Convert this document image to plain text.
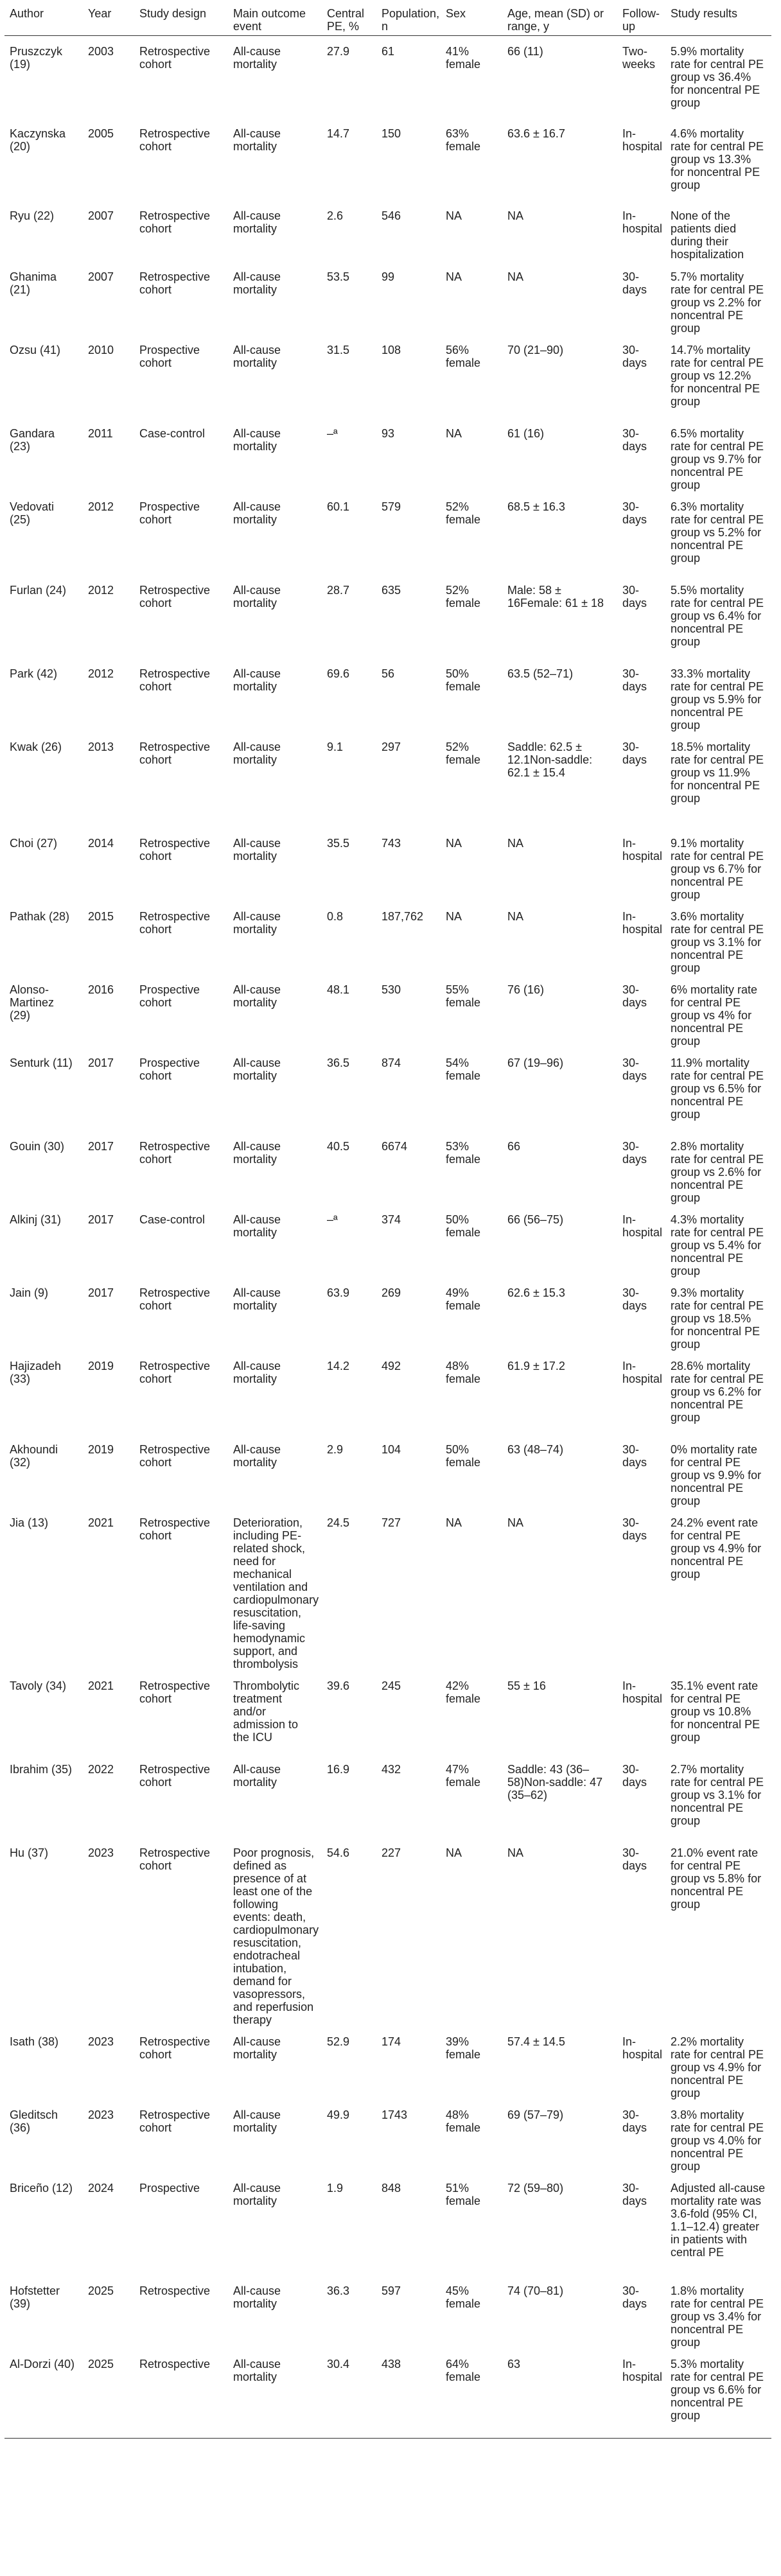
Author	Year	Study design	Main outcome event	Central PE, %	Population, n	Sex	Age, mean (SD) or range, y	Follow-up	Study results
Pruszczyk (19)	2003	Retrospective cohort	All-cause mortality	27.9	61	41% female	66 (11)	Two-weeks	5.9% mortality rate for central PE group vs 36.4% for noncentral PE group
Kaczynska (20)	2005	Retrospective cohort	All-cause mortality	14.7	150	63% female	63.6 ± 16.7	In-hospital	4.6% mortality rate for central PE group vs 13.3% for noncentral PE group
Ryu (22)	2007	Retrospective cohort	All-cause mortality	2.6	546	NA	NA	In-hospital	None of the patients died during their hospitalization
Ghanima (21)	2007	Retrospective cohort	All-cause mortality	53.5	99	NA	NA	30-days	5.7% mortality rate for central PE group vs 2.2% for noncentral PE group
Ozsu (41)	2010	Prospective cohort	All-cause mortality	31.5	108	56% female	70 (21–90)	30-days	14.7% mortality rate for central PE group vs 12.2% for noncentral PE group
Gandara (23)	2011	Case-control	All-cause mortality	–ª	93	NA	61 (16)	30-days	6.5% mortality rate for central PE group vs 9.7% for noncentral PE group
Vedovati (25)	2012	Prospective cohort	All-cause mortality	60.1	579	52% female	68.5 ± 16.3	30-days	6.3% mortality rate for central PE group vs 5.2% for noncentral PE group
Furlan (24)	2012	Retrospective cohort	All-cause mortality	28.7	635	52% female	Male: 58 ± 16Female: 61 ± 18	30-days	5.5% mortality rate for central PE group vs 6.4% for noncentral PE group
Park (42)	2012	Retrospective cohort	All-cause mortality	69.6	56	50% female	63.5 (52–71)	30-days	33.3% mortality rate for central PE group vs 5.9% for noncentral PE group
Kwak (26)	2013	Retrospective cohort	All-cause mortality	9.1	297	52% female	Saddle: 62.5 ± 12.1Non-saddle: 62.1 ± 15.4	30-days	18.5% mortality rate for central PE group vs 11.9% for noncentral PE group
Choi (27)	2014	Retrospective cohort	All-cause mortality	35.5	743	NA	NA	In-hospital	9.1% mortality rate for central PE group vs 6.7% for noncentral PE group
Pathak (28)	2015	Retrospective cohort	All-cause mortality	0.8	187,762	NA	NA	In-hospital	3.6% mortality rate for central PE group vs 3.1% for noncentral PE group
Alonso-Martinez (29)	2016	Prospective cohort	All-cause mortality	48.1	530	55% female	76 (16)	30-days	6% mortality rate for central PE group vs 4% for noncentral PE group
Senturk (11)	2017	Prospective cohort	All-cause mortality	36.5	874	54% female	67 (19–96)	30-days	11.9% mortality rate for central PE group vs 6.5% for noncentral PE group
Gouin (30)	2017	Retrospective cohort	All-cause mortality	40.5	6674	53% female	66	30-days	2.8% mortality rate for central PE group vs 2.6% for noncentral PE group
Alkinj (31)	2017	Case-control	All-cause mortality	–ª	374	50% female	66 (56–75)	In-hospital	4.3% mortality rate for central PE group vs 5.4% for noncentral PE group
Jain (9)	2017	Retrospective cohort	All-cause mortality	63.9	269	49% female	62.6 ± 15.3	30-days	9.3% mortality rate for central PE group vs 18.5% for noncentral PE group
Hajizadeh (33)	2019	Retrospective cohort	All-cause mortality	14.2	492	48% female	61.9 ± 17.2	In-hospital	28.6% mortality rate for central PE group vs 6.2% for noncentral PE group
Akhoundi (32)	2019	Retrospective cohort	All-cause mortality	2.9	104	50% female	63 (48–74)	30-days	0% mortality rate for central PE group vs 9.9% for noncentral PE group
Jia (13)	2021	Retrospective cohort	Deterioration, including PE-related shock, need for mechanical ventilation and cardiopulmonary resuscitation, life-saving hemodynamic support, and thrombolysis	24.5	727	NA	NA	30-days	24.2% event rate for central PE group vs 4.9% for noncentral PE group
Tavoly (34)	2021	Retrospective cohort	Thrombolytic treatment and/or admission to the ICU	39.6	245	42% female	55 ± 16	In-hospital	35.1% event rate for central PE group vs 10.8% for noncentral PE group
Ibrahim (35)	2022	Retrospective cohort	All-cause mortality	16.9	432	47% female	Saddle: 43 (36–58)Non-saddle: 47 (35–62)	30-days	2.7% mortality rate for central PE group vs 3.1% for noncentral PE group
Hu (37)	2023	Retrospective cohort	Poor prognosis, defined as presence of at least one of the following events: death, cardiopulmonary resuscitation, endotracheal intubation, demand for vasopressors, and reperfusion therapy	54.6	227	NA	NA	30-days	21.0% event rate for central PE group vs 5.8% for noncentral PE group
Isath (38)	2023	Retrospective cohort	All-cause mortality	52.9	174	39% female	57.4 ± 14.5	In-hospital	2.2% mortality rate for central PE group vs 4.9% for noncentral PE group
Gleditsch (36)	2023	Retrospective cohort	All-cause mortality	49.9	1743	48% female	69 (57–79)	30-days	3.8% mortality rate for central PE group vs 4.0% for noncentral PE group
Briceño (12)	2024	Prospective	All-cause mortality	1.9	848	51% female	72 (59–80)	30-days	Adjusted all-cause mortality rate was 3.6-fold (95% CI, 1.1–12.4) greater in patients with central PE
Hofstetter (39)	2025	Retrospective	All-cause mortality	36.3	597	45% female	74 (70–81)	30-days	1.8% mortality rate for central PE group vs 3.4% for noncentral PE group
Al-Dorzi (40)	2025	Retrospective	All-cause mortality	30.4	438	64% female	63	In-hospital	5.3% mortality rate for central PE group vs 6.6% for noncentral PE group
